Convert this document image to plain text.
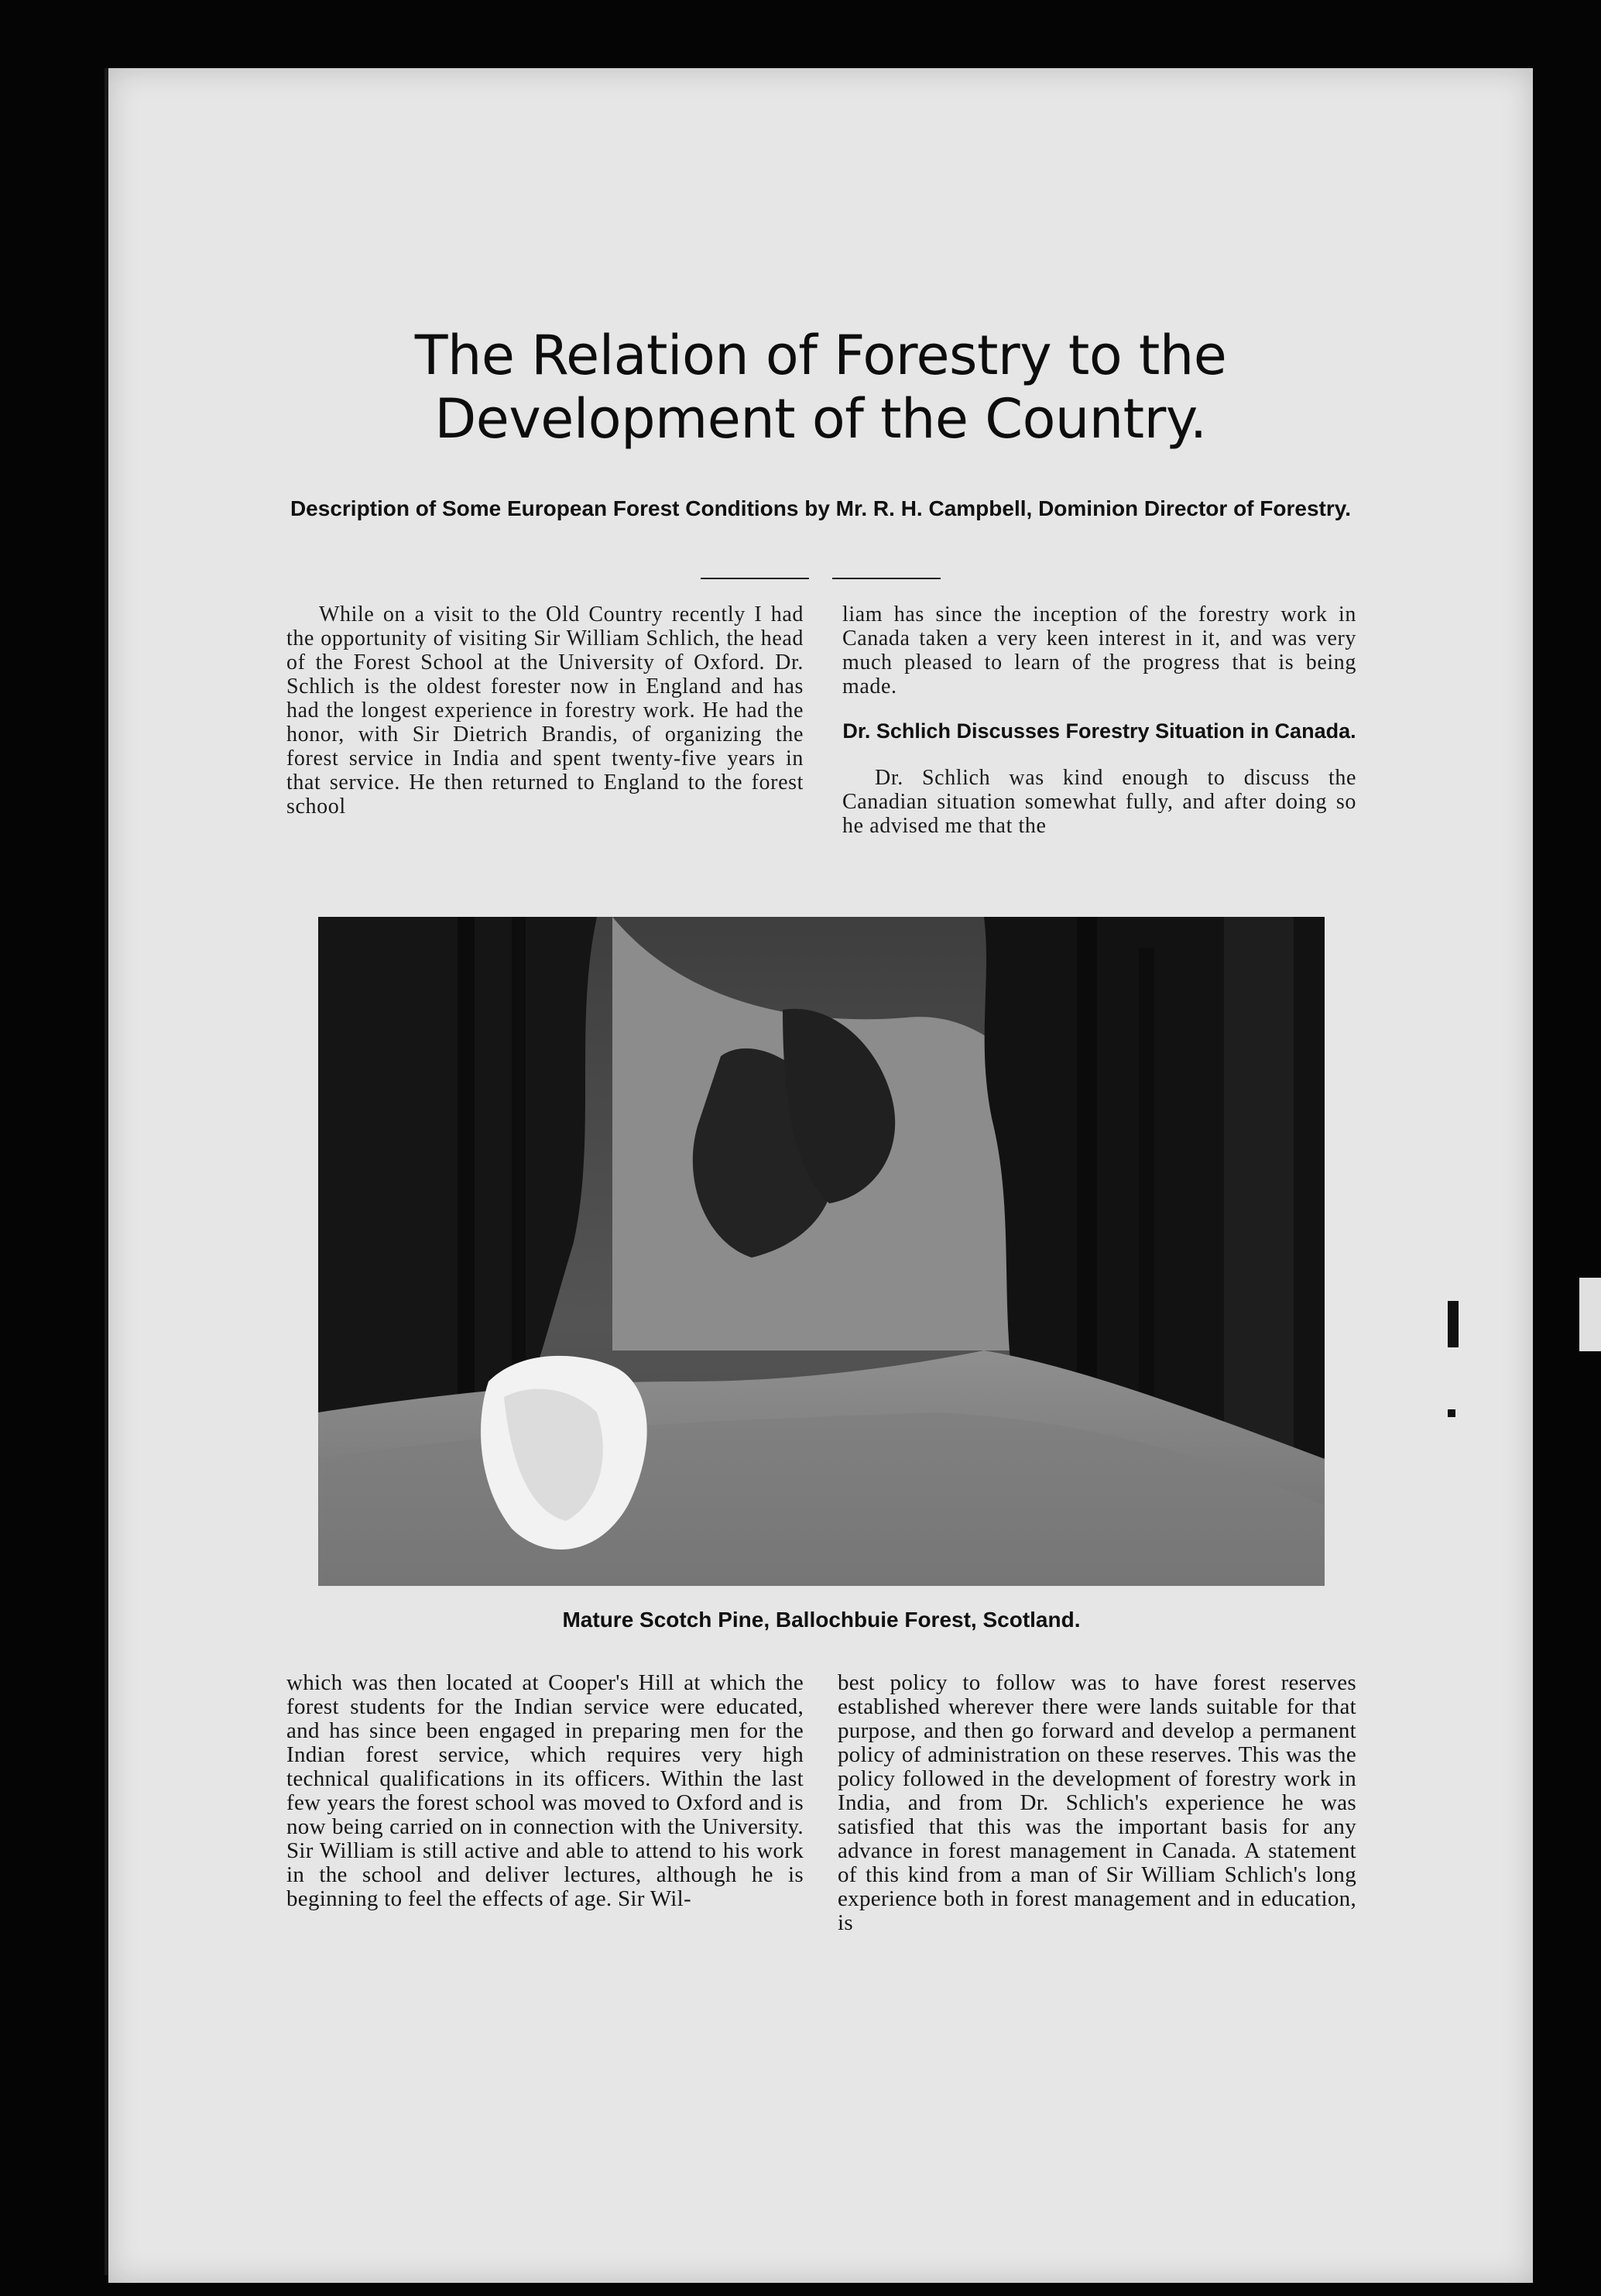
The Relation of Forestry to the Development of the Country.
Description of Some European Forest Conditions by Mr. R. H. Campbell, Dominion Director of Forestry.

While on a visit to the Old Country recently I had the opportunity of visiting Sir William Schlich, the head of the Forest School at the University of Oxford. Dr. Schlich is the oldest forester now in England and has had the longest experience in forestry work. He had the honor, with Sir Dietrich Brandis, of organizing the forest service in India and spent twenty-five years in that service. He then returned to England to the forest school

liam has since the inception of the forestry work in Canada taken a very keen interest in it, and was very much pleased to learn of the progress that is being made.

Dr. Schlich Discusses Forestry Situation in Canada.

Dr. Schlich was kind enough to discuss the Canadian situation somewhat fully, and after doing so he advised me that the

Mature Scotch Pine, Ballochbuie Forest, Scotland.

which was then located at Cooper's Hill at which the forest students for the Indian service were educated, and has since been engaged in preparing men for the Indian forest service, which requires very high technical qualifications in its officers. Within the last few years the forest school was moved to Oxford and is now being carried on in connection with the University. Sir William is still active and able to attend to his work in the school and deliver lectures, although he is beginning to feel the effects of age. Sir Wil-

best policy to follow was to have forest reserves established wherever there were lands suitable for that purpose, and then go forward and develop a permanent policy of administration on these reserves. This was the policy followed in the development of forestry work in India, and from Dr. Schlich's experience he was satisfied that this was the important basis for any advance in forest management in Canada. A statement of this kind from a man of Sir William Schlich's long experience both in forest management and in education, is
